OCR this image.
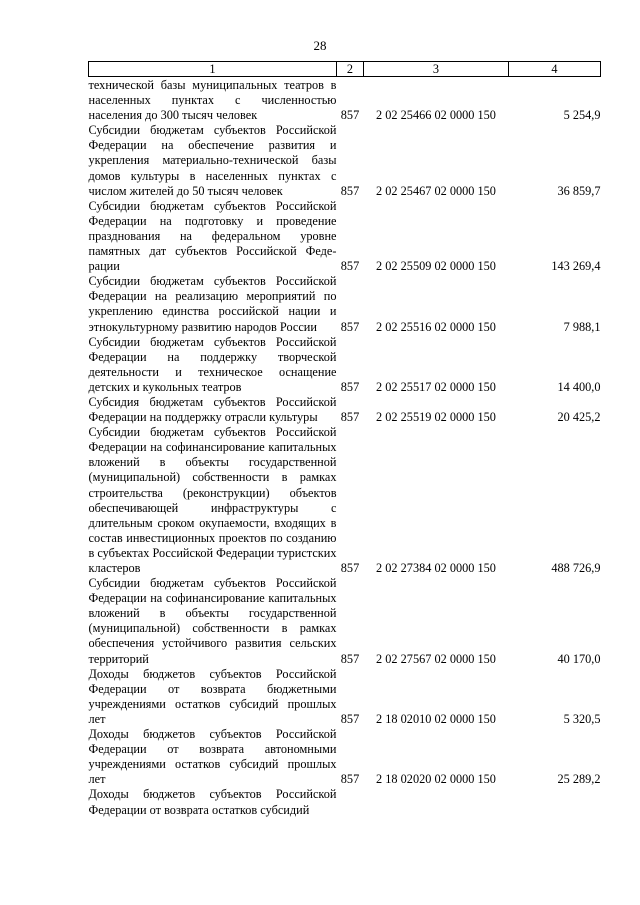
28
1	2	3	4
технической базы муниципальных театров в населенных пунктах с численностью населения до 300 тысяч человек	857	2 02 25466 02 0000 150	5 254,9
Субсидии бюджетам субъектов Российской Федерации на обеспечение развития и укрепления материально-технической базы домов культуры в населенных пунктах с числом жителей до 50 тысяч человек	857	2 02 25467 02 0000 150	36 859,7
Субсидии бюджетам субъектов Российской Федерации на подготовку и проведение празднования на федеральном уровне памятных дат субъектов Российской Федерации	857	2 02 25509 02 0000 150	143 269,4
Субсидии бюджетам субъектов Российской Федерации на реализацию мероприятий по укреплению единства российской нации и этнокультурному развитию народов России	857	2 02 25516 02 0000 150	7 988,1
Субсидии бюджетам субъектов Российской Федерации на поддержку творческой деятельности и техническое оснащение детских и кукольных театров	857	2 02 25517 02 0000 150	14 400,0
Субсидия бюджетам субъектов Российской Федерации на поддержку отрасли культуры	857	2 02 25519 02 0000 150	20 425,2
Субсидии бюджетам субъектов Российской Федерации на софинансирование капитальных вложений в объекты государственной (муниципальной) собственности в рамках строительства (реконструкции) объектов обеспечивающей инфраструктуры с длительным сроком окупаемости, входящих в состав инвестиционных проектов по созданию в субъектах Российской Федерации туристских кластеров	857	2 02 27384 02 0000 150	488 726,9
Субсидии бюджетам субъектов Российской Федерации на софинансирование капитальных вложений в объекты государственной (муниципальной) собственности в рамках обеспечения устойчивого развития сельских территорий	857	2 02 27567 02 0000 150	40 170,0
Доходы бюджетов субъектов Российской Федерации от возврата бюджетными учреждениями остатков субсидий прошлых лет	857	2 18 02010 02 0000 150	5 320,5
Доходы бюджетов субъектов Российской Федерации от возврата автономными учреждениями остатков субсидий прошлых лет	857	2 18 02020 02 0000 150	25 289,2
Доходы бюджетов субъектов Российской Федерации от возврата остатков субсидий			
